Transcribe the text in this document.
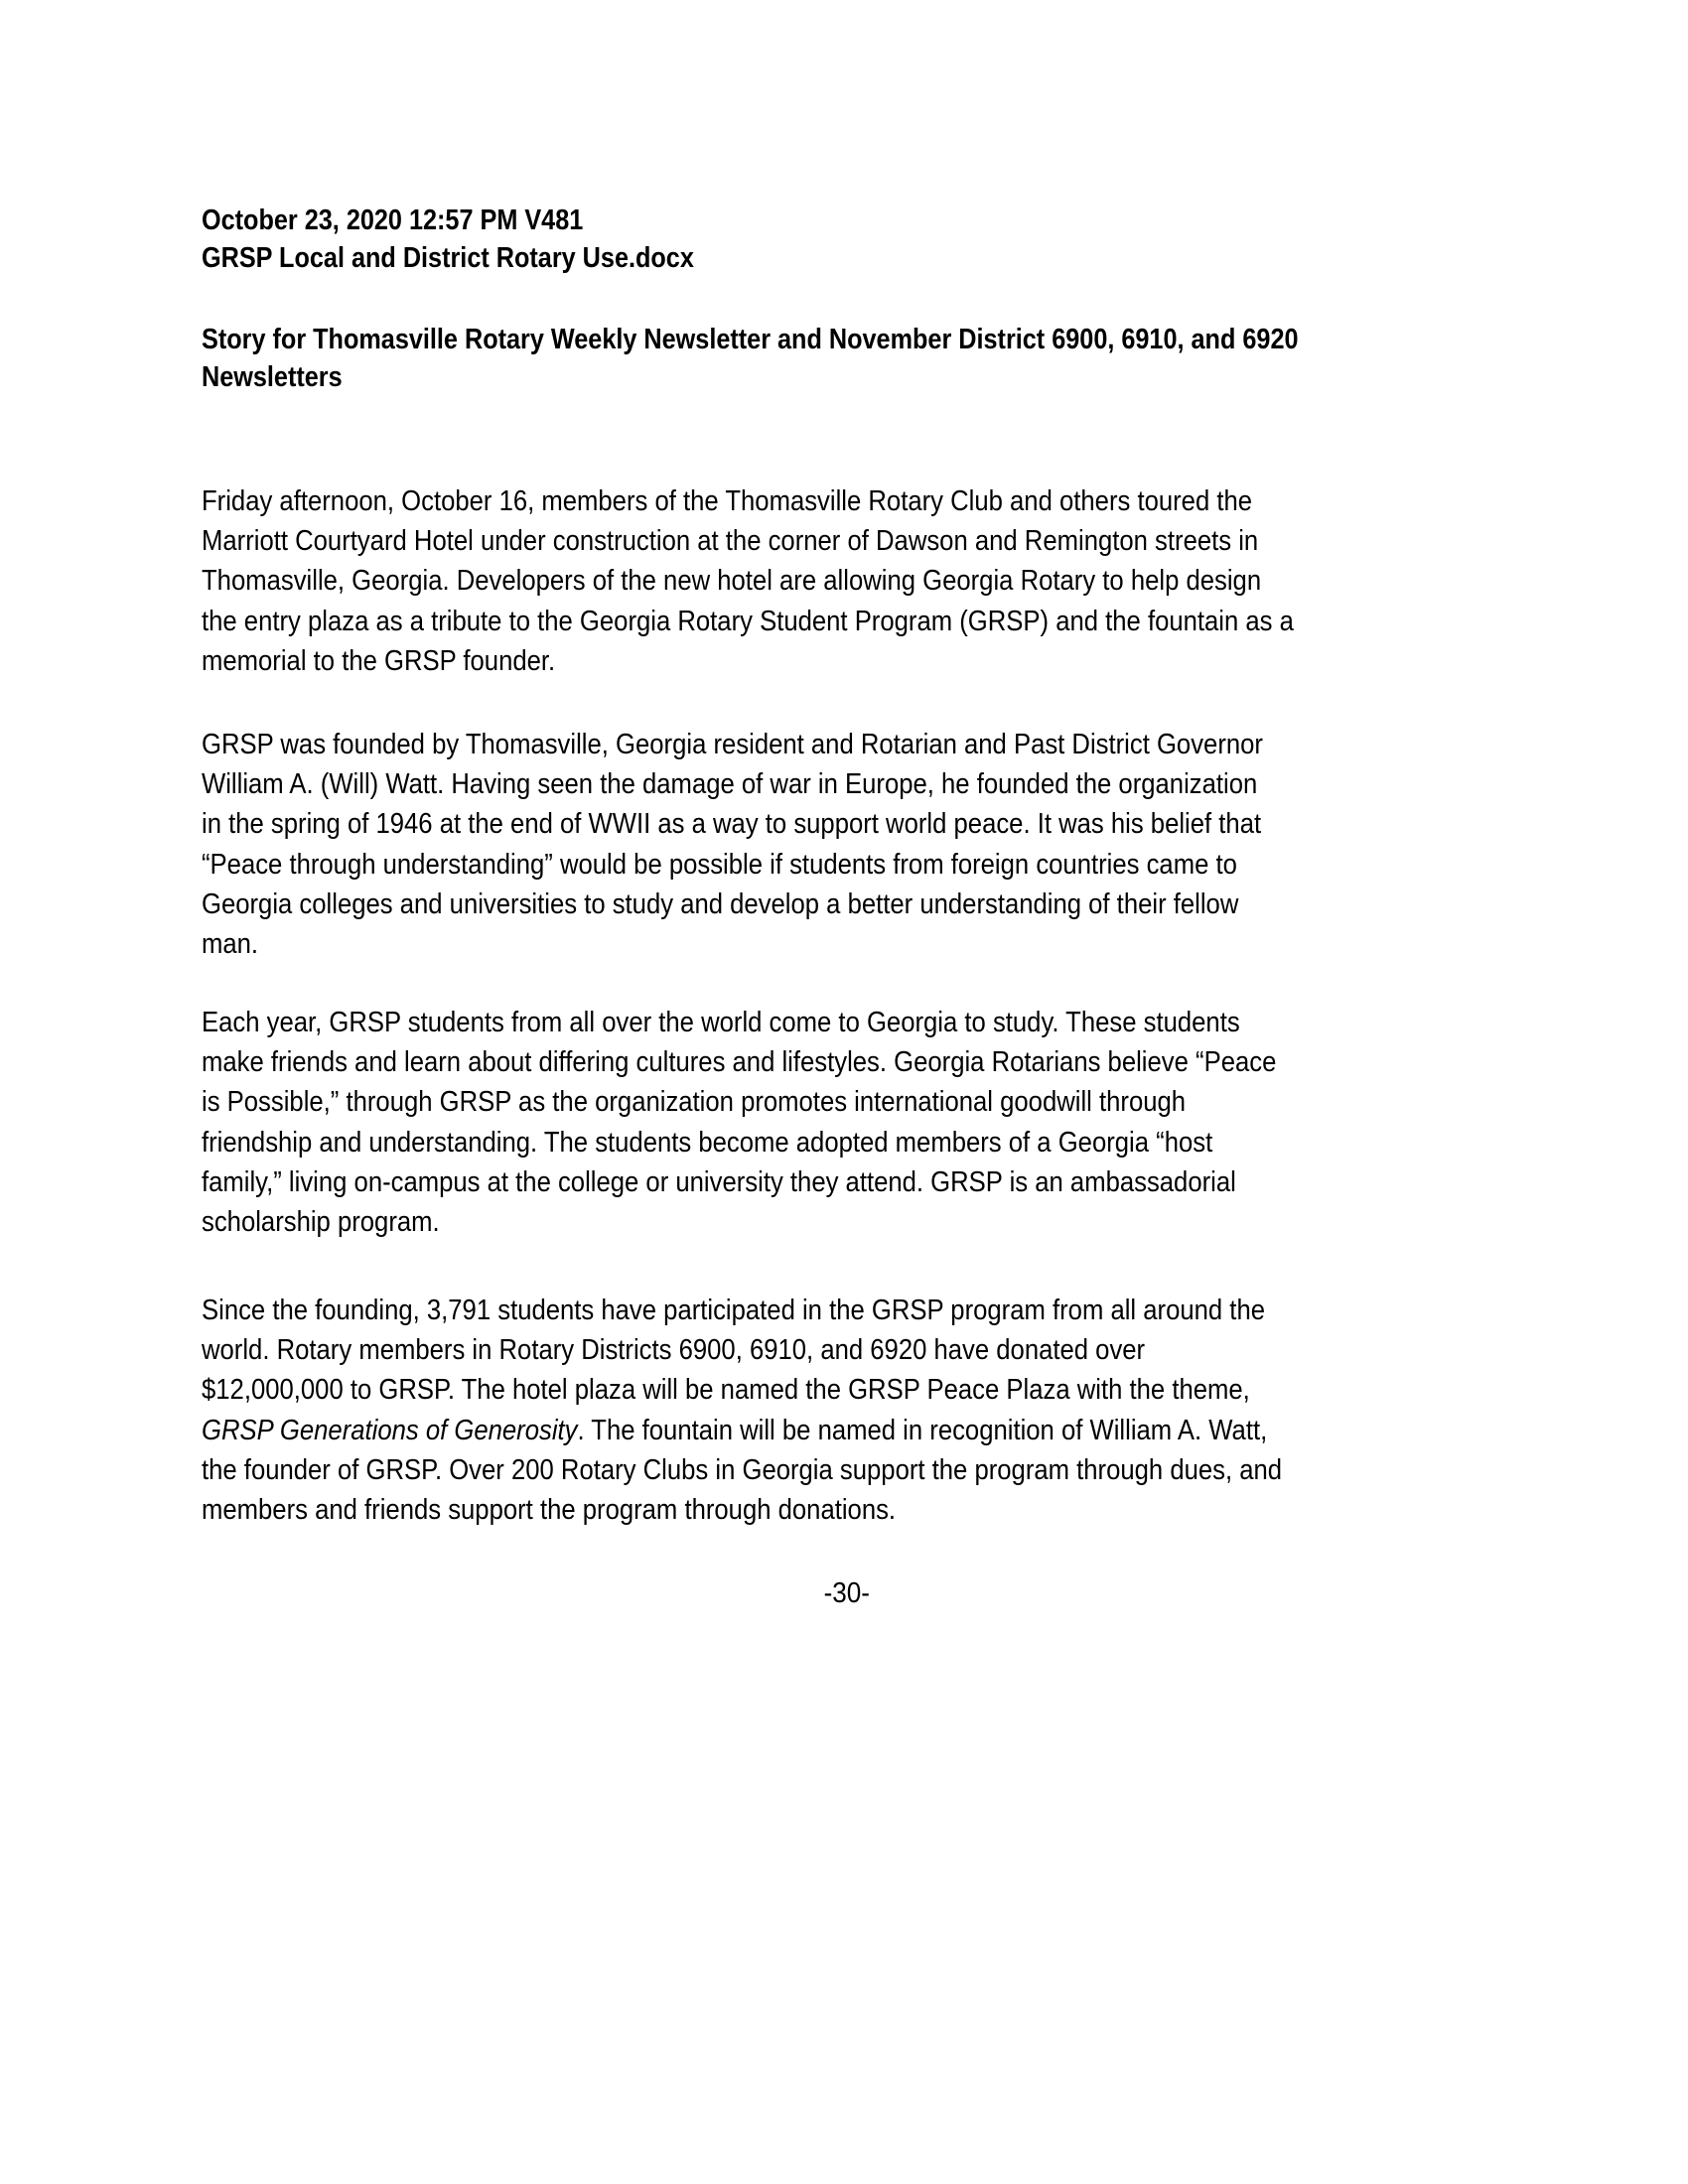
October 23, 2020 12:57 PM V481
GRSP Local and District Rotary Use.docx
Story for Thomasville Rotary Weekly Newsletter and November District 6900, 6910, and 6920
Newsletters
Friday afternoon, October 16, members of the Thomasville Rotary Club and others toured the
Marriott Courtyard Hotel under construction at the corner of Dawson and Remington streets in
Thomasville, Georgia. Developers of the new hotel are allowing Georgia Rotary to help design
the entry plaza as a tribute to the Georgia Rotary Student Program (GRSP) and the fountain as a
memorial to the GRSP founder.
GRSP was founded by Thomasville, Georgia resident and Rotarian and Past District Governor
William A. (Will) Watt. Having seen the damage of war in Europe, he founded the organization
in the spring of 1946 at the end of WWII as a way to support world peace. It was his belief that
“Peace through understanding” would be possible if students from foreign countries came to
Georgia colleges and universities to study and develop a better understanding of their fellow
man.
Each year, GRSP students from all over the world come to Georgia to study. These students
make friends and learn about differing cultures and lifestyles. Georgia Rotarians believe “Peace
is Possible,” through GRSP as the organization promotes international goodwill through
friendship and understanding. The students become adopted members of a Georgia “host
family,” living on-campus at the college or university they attend. GRSP is an ambassadorial
scholarship program.
Since the founding, 3,791 students have participated in the GRSP program from all around the
world. Rotary members in Rotary Districts 6900, 6910, and 6920 have donated over
$12,000,000 to GRSP. The hotel plaza will be named the GRSP Peace Plaza with the theme,
GRSP Generations of Generosity. The fountain will be named in recognition of William A. Watt,
the founder of GRSP. Over 200 Rotary Clubs in Georgia support the program through dues, and
members and friends support the program through donations.
-30-
